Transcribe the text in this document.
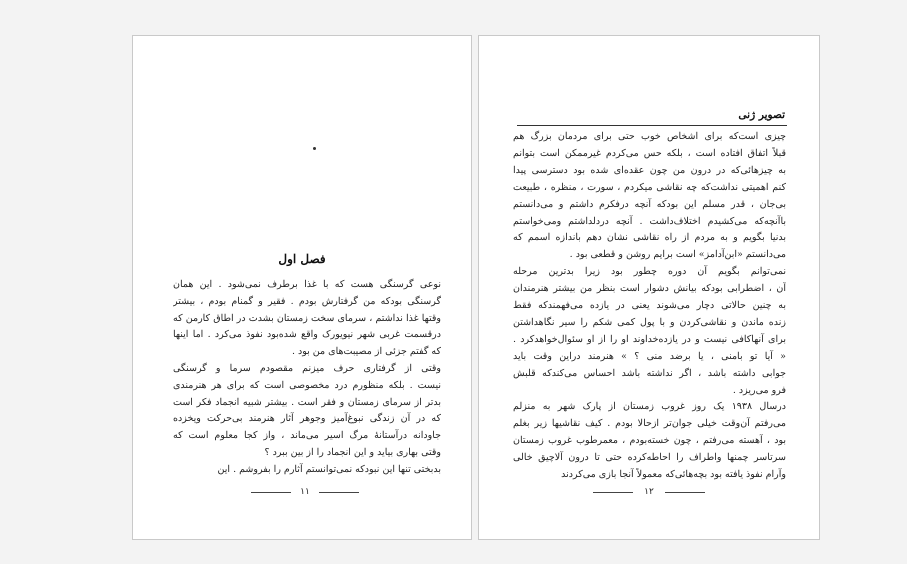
فصل اول
نوعی گرسنگی هست که با غذا برطرف نمی‌شود . این همان
گرسنگی بودکه من گرفتارش بودم . فقیر و گمنام بودم ، بیشتر
وقتها غذا نداشتم ، سرمای سخت زمستان بشدت در اطاق کارمن که
درقسمت غربی شهر نیویورک واقع شده‌بود نفوذ می‌کرد . اما اینها
که گفتم جزئی از مصیبت‌های من بود .
وقتی از گرفتاری حرف میزنم مقصودم سرما و گرسنگی
نیست . بلکه منظورم درد مخصوصی است که برای هر هنرمندی
بدتر از سرمای زمستان و فقر است . بیشتر شبیه انجماد فکر است
که در آن زندگی نبوغ‌آمیز وجوهر آثار هنرمند بی‌حرکت ویخزده
جاودانه درآستانهٔ مرگ اسیر می‌ماند ، واز کجا معلوم است که
وقتی بهاری بیاید و این انجماد را از بین ببرد ؟
بدبختی تنها این نبودکه نمی‌توانستم آثارم را بفروشم . این
۱۱
تصویر ژنی
چیزی است‌که برای اشخاص خوب حتی برای مردمان بزرگ هم
قبلاً اتفاق افتاده است ، بلکه حس می‌کردم غیرممکن است بتوانم
به چیزهائی‌که در درون من چون عقده‌ای شده بود دسترسی پیدا
کنم اهمیتی نداشت‌که چه نقاشی میکردم ، سورت ، منظره ، طبیعت
بی‌جان ، قدر مسلم این بودکه آنچه درفکرم داشتم و می‌دانستم
باآنچه‌که می‌کشیدم اختلاف‌داشت . آنچه دردلداشتم ومی‌خواستم
بدنیا بگویم و به مردم از راه نقاشی نشان دهم باندازه اسمم که
می‌دانستم «ابن‌آدامز» است برایم روشن و قطعی بود .
نمی‌توانم بگویم آن دوره چطور بود زیرا بدترین مرحله
آن ، اضطرابی بودکه بیانش دشوار است بنظر من بیشتر هنرمندان
به چنین حالاتی دچار می‌شوند یعنی در یازده می‌فهمندکه فقط
زنده ماندن و نقاشی‌کردن و با پول کمی شکم را سیر نگاهداشتن
برای آنها‌کافی نیست و در یازده‌خداوند او را از او سئوال‌خواهدکرد .
« آیا تو بامنی ، یا برضد منی ؟ » هنرمند دراین وقت باید
جوابی داشته باشد ، اگر نداشته باشد احساس می‌کندکه قلبش
فرو می‌ریزد .
درسال ۱۹۳۸ یک روز غروب زمستان از پارک شهر به منزلم
می‌رفتم آن‌وقت خیلی جوان‌تر ازحالا بودم . کیف نقاشیها زیر بغلم
بود ، آهسته می‌رفتم ، چون خسته‌بودم ، معمرطوب غروب زمستان
سرتاسر چمنها واطراف را احاطه‌کرده حتی تا درون آلاچیق خالی
وآرام نفوذ یافته بود بچه‌هائی‌که معمولاً آنجا بازی می‌کردند
۱۲
